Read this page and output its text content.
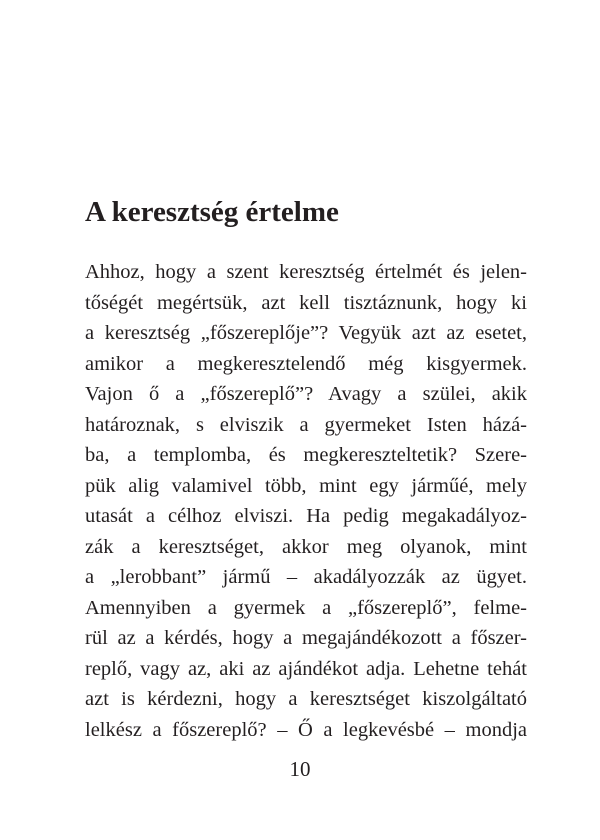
A keresztség értelme
Ahhoz, hogy a szent keresztség értelmét és jelen-
tőségét megértsük, azt kell tisztáznunk, hogy ki
a keresztség „főszereplője”? Vegyük azt az esetet,
amikor a megkeresztelendő még kisgyermek.
Vajon ő a „főszereplő”? Avagy a szülei, akik
határoznak, s elviszik a gyermeket Isten házá-
ba, a templomba, és megkereszteltetik? Szere-
pük alig valamivel több, mint egy járműé, mely
utasát a célhoz elviszi. Ha pedig megakadályoz-
zák a keresztséget, akkor meg olyanok, mint
a „lerobbant” jármű – akadályozzák az ügyet.
Amennyiben a gyermek a „főszereplő”, felme-
rül az a kérdés, hogy a megajándékozott a főszer-
replő, vagy az, aki az ajándékot adja. Lehetne tehát
azt is kérdezni, hogy a keresztséget kiszolgáltató
lelkész a főszereplő? – Ő a legkevésbé – mondja
10
